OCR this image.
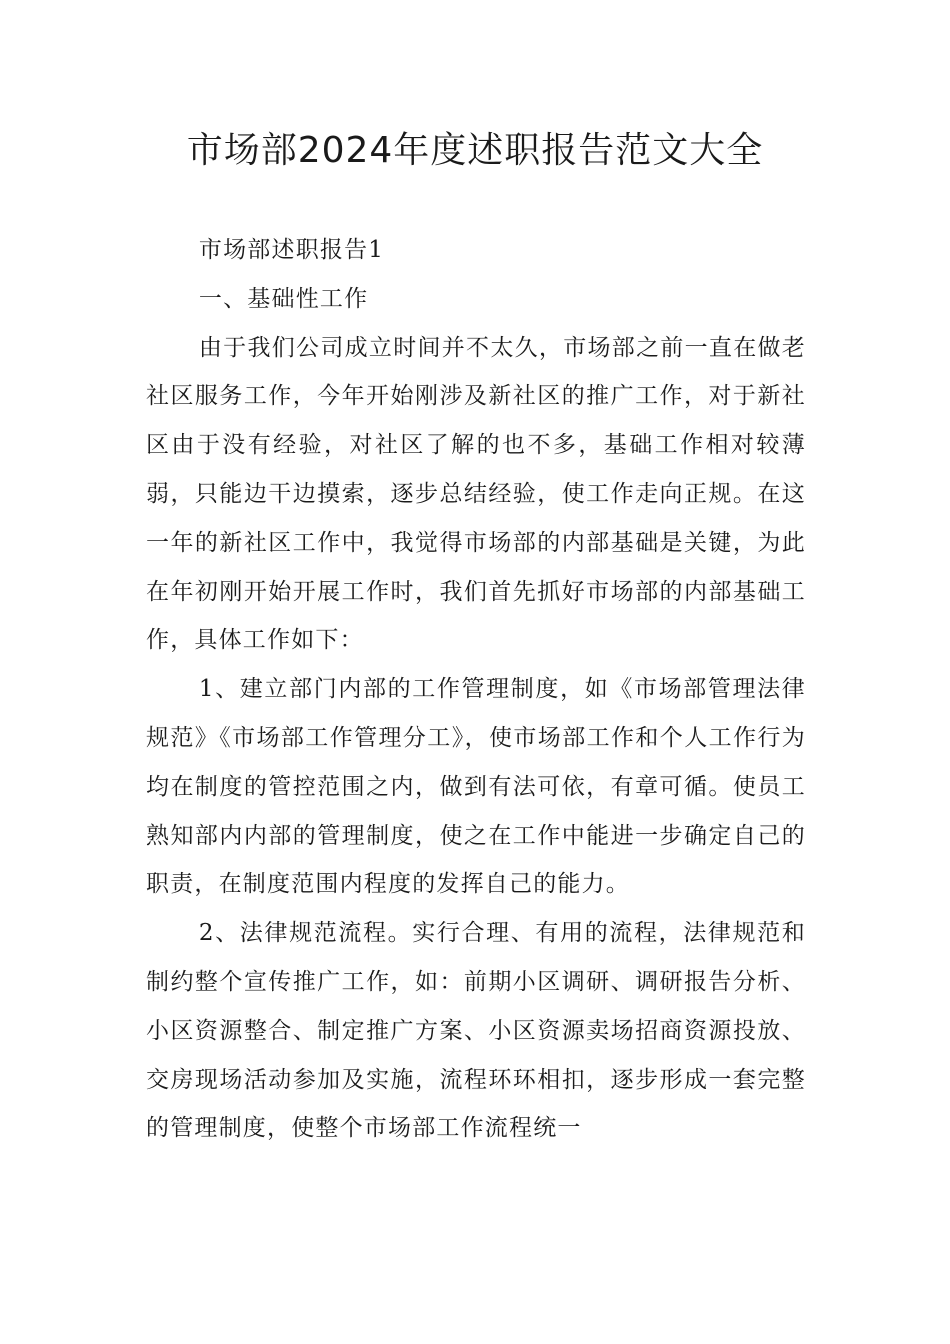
市场部2024年度述职报告范文大全

市场部述职报告1

一、基础性工作

由于我们公司成立时间并不太久，市场部之前一直在做老社区服务工作，今年开始刚涉及新社区的推广工作，对于新社区由于没有经验，对社区了解的也不多，基础工作相对较薄弱，只能边干边摸索，逐步总结经验，使工作走向正规。在这一年的新社区工作中，我觉得市场部的内部基础是关键，为此在年初刚开始开展工作时，我们首先抓好市场部的内部基础工作，具体工作如下：

1、建立部门内部的工作管理制度，如《市场部管理法律规范》《市场部工作管理分工》，使市场部工作和个人工作行为均在制度的管控范围之内，做到有法可依，有章可循。使员工熟知部内内部的管理制度，使之在工作中能进一步确定自己的职责，在制度范围内程度的发挥自己的能力。

2、法律规范流程。实行合理、有用的流程，法律规范和制约整个宣传推广工作，如：前期小区调研、调研报告分析、小区资源整合、制定推广方案、小区资源卖场招商资源投放、交房现场活动参加及实施，流程环环相扣，逐步形成一套完整的管理制度，使整个市场部工作流程统一
